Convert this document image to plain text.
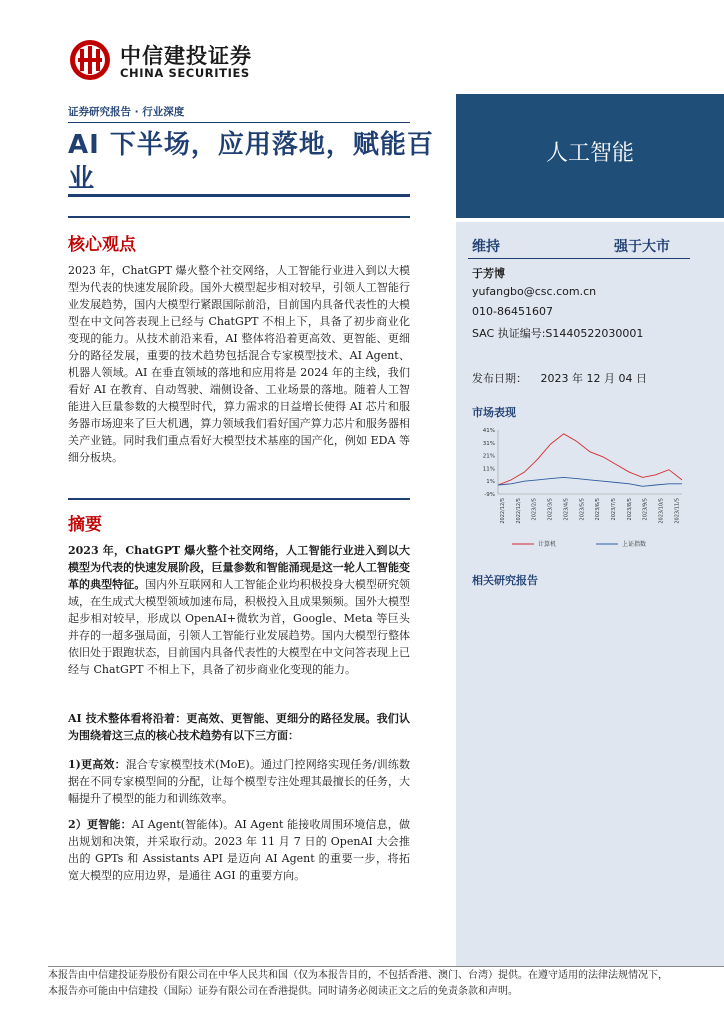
中信建投证券
CHINA SECURITIES
证券研究报告 · 行业深度
AI 下半场，应用落地，赋能百业
人工智能
维持	强于大市
于芳博
yufangbo@csc.com.cn
010-86451607
SAC 执证编号:S1440522030001
发布日期： 2023 年 12 月 04 日
市场表现
41%
31%
21%
11%
1%
-9%
2022/12/5 2022/12/5 2023/2/5 2023/3/5 2023/4/5 2023/5/5 2023/6/5 2023/7/5 2023/8/5 2023/9/5 2023/10/5 2023/11/5
计算机	上证指数
相关研究报告
核心观点
2023 年，ChatGPT 爆火整个社交网络，人工智能行业进入到以大模型为代表的快速发展阶段。国外大模型起步相对较早，引领人工智能行业发展趋势，国内大模型行紧跟国际前沿，目前国内具备代表性的大模型在中文问答表现上已经与 ChatGPT 不相上下，具备了初步商业化变现的能力。从技术前沿来看，AI 整体将沿着更高效、更智能、更细分的路径发展，重要的技术趋势包括混合专家模型技术、AI Agent、机器人领域。AI 在垂直领域的落地和应用将是 2024 年的主线，我们看好 AI 在教育、自动驾驶、端侧设备、工业场景的落地。随着人工智能进入巨量参数的大模型时代，算力需求的日益增长使得 AI 芯片和服务器市场迎来了巨大机遇，算力领域我们看好国产算力芯片和服务器相关产业链。同时我们重点看好大模型技术基座的国产化，例如 EDA 等细分板块。
摘要
2023 年，ChatGPT 爆火整个社交网络，人工智能行业进入到以大模型为代表的快速发展阶段，巨量参数和智能涌现是这一轮人工智能变革的典型特征。国内外互联网和人工智能企业均积极投身大模型研究领域，在生成式大模型领域加速布局，积极投入且成果频频。国外大模型起步相对较早，形成以 OpenAI+微软为首，Google、Meta 等巨头并存的一超多强局面，引领人工智能行业发展趋势。国内大模型行整体依旧处于跟跑状态，目前国内具备代表性的大模型在中文问答表现上已经与 ChatGPT 不相上下，具备了初步商业化变现的能力。
AI 技术整体看将沿着：更高效、更智能、更细分的路径发展。我们认为围绕着这三点的核心技术趋势有以下三方面：
1)更高效：混合专家模型技术(MoE)。通过门控网络实现任务/训练数据在不同专家模型间的分配，让每个模型专注处理其最擅长的任务，大幅提升了模型的能力和训练效率。
2）更智能：AI Agent(智能体)。AI Agent 能接收周围环境信息，做出规划和决策，并采取行动。2023 年 11 月 7 日的 OpenAI 大会推出的 GPTs 和 Assistants API 是迈向 AI Agent 的重要一步，将拓宽大模型的应用边界，是通往 AGI 的重要方向。
本报告由中信建投证券股份有限公司在中华人民共和国（仅为本报告目的，不包括香港、澳门、台湾）提供。在遵守适用的法律法规情况下，
本报告亦可能由中信建投（国际）证券有限公司在香港提供。同时请务必阅读正文之后的免责条款和声明。
